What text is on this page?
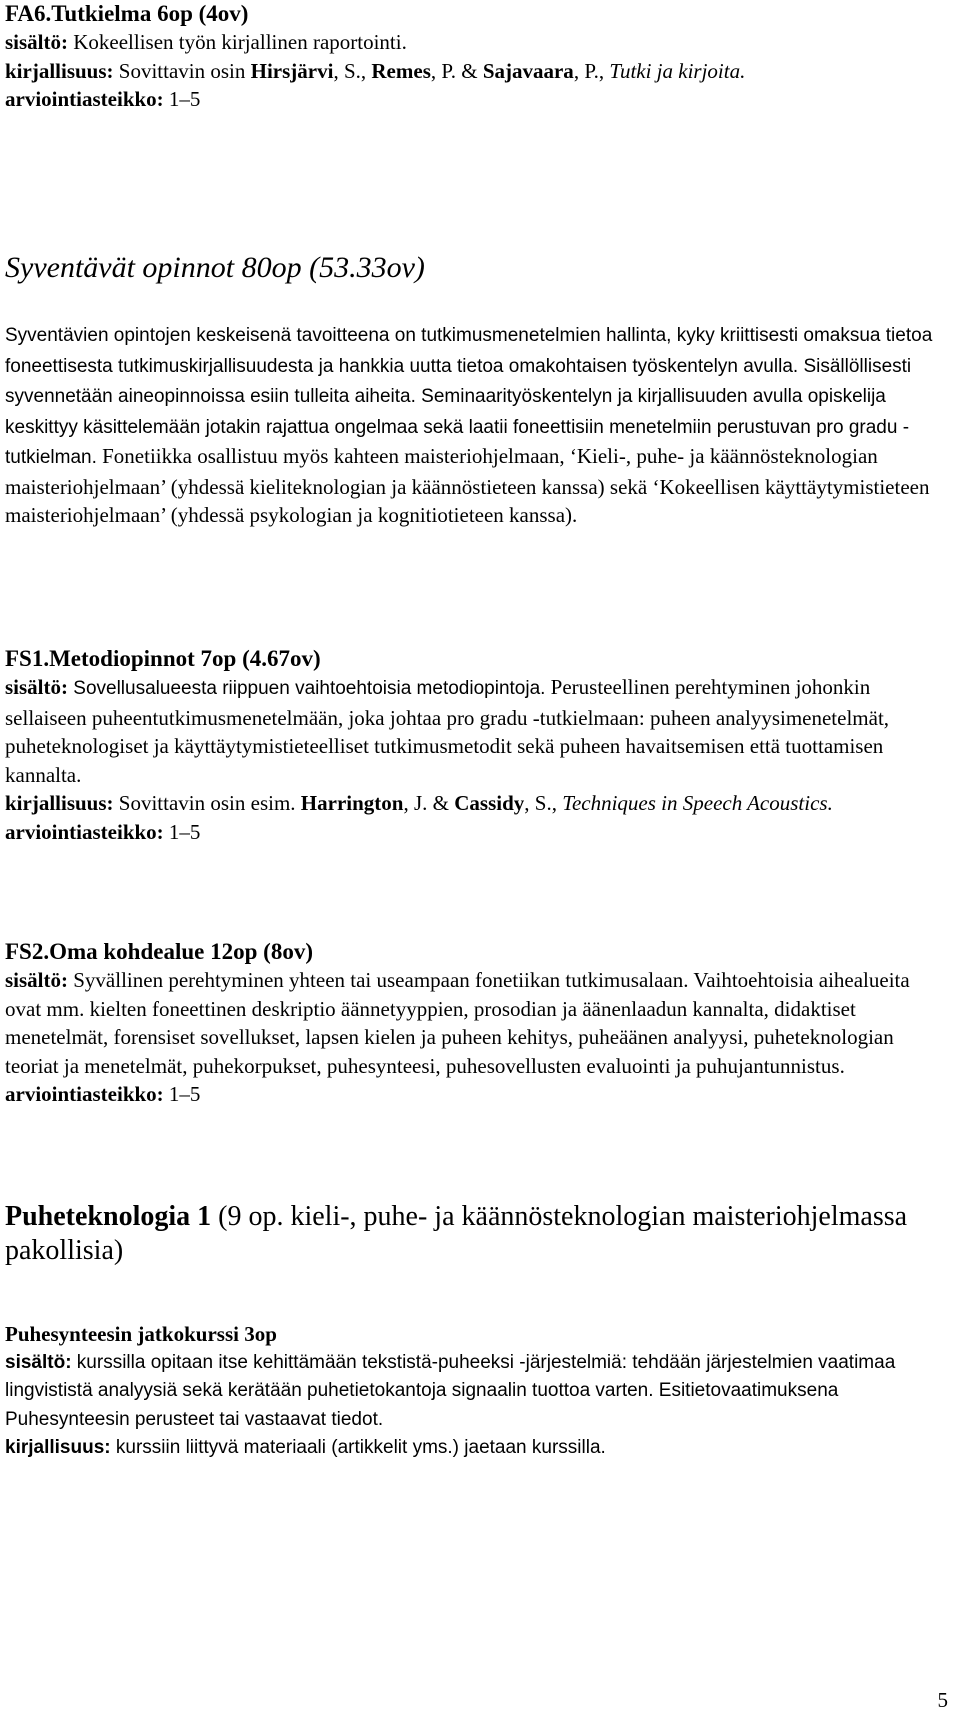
FA6.Tutkielma 6op (4ov)
sisältö: Kokeellisen työn kirjallinen raportointi.
kirjallisuus: Sovittavin osin Hirsjärvi, S., Remes, P. & Sajavaara, P., Tutki ja kirjoita.
arviointiasteikko: 1–5
Syventävät opinnot 80op (53.33ov)
Syventävien opintojen keskeisenä tavoitteena on tutkimusmenetelmien hallinta, kyky kriittisesti omaksua tietoa foneettisesta tutkimuskirjallisuudesta ja hankkia uutta tietoa omakohtaisen työskentelyn avulla. Sisällöllisesti syvennetään aineopinnoissa esiin tulleita aiheita. Seminaarityöskentelyn ja kirjallisuuden avulla opiskelija keskittyy käsittelemään jotakin rajattua ongelmaa sekä laatii foneettisiin menetelmiin perustuvan pro gradu -tutkielman. Fonetiikka osallistuu myös kahteen maisteriohjelmaan, ‘Kieli-, puhe- ja käännösteknologian maisteriohjelmaan’ (yhdessä kieliteknologian ja käännöstieteen kanssa) sekä ‘Kokeellisen käyttäytymistieteen maisteriohjelmaan’ (yhdessä psykologian ja kognitiotieteen kanssa).
FS1.Metodiopinnot 7op (4.67ov)
sisältö: Sovellusalueesta riippuen vaihtoehtoisia metodiopintoja. Perusteellinen perehtyminen johonkin sellaiseen puheentutkimusmenetelmään, joka johtaa pro gradu -tutkielmaan: puheen analyysimenetelmät, puheteknologiset ja käyttäytymistieteelliset tutkimusmetodit sekä puheen havaitsemisen että tuottamisen kannalta.
kirjallisuus: Sovittavin osin esim. Harrington, J. & Cassidy, S., Techniques in Speech Acoustics.
arviointiasteikko: 1–5
FS2.Oma kohdealue 12op (8ov)
sisältö: Syvällinen perehtyminen yhteen tai useampaan fonetiikan tutkimusalaan. Vaihtoehtoisia aihealueita ovat mm. kielten foneettinen deskriptio äännetyyppien, prosodian ja äänenlaadun kannalta, didaktiset menetelmät, forensiset sovellukset, lapsen kielen ja puheen kehitys, puheäänen analyysi, puheteknologian teoriat ja menetelmät, puhekorpukset, puhesynteesi, puhesovellusten evaluointi ja puhujantunnistus.
arviointiasteikko: 1–5
Puheteknologia 1 (9 op. kieli-, puhe- ja käännösteknologian maisteriohjelmassa pakollisia)
Puhesynteesin jatkokurssi 3op
sisältö: kurssilla opitaan itse kehittämään tekstistä-puheeksi -järjestelmiä: tehdään järjestelmien vaatimaa lingvististä analyysiä sekä kerätään puhetietokantoja signaalin tuottoa varten. Esitietovaatimuksena Puhesynteesin perusteet tai vastaavat tiedot.
kirjallisuus: kurssiin liittyvä materiaali (artikkelit yms.) jaetaan kurssilla.
5
